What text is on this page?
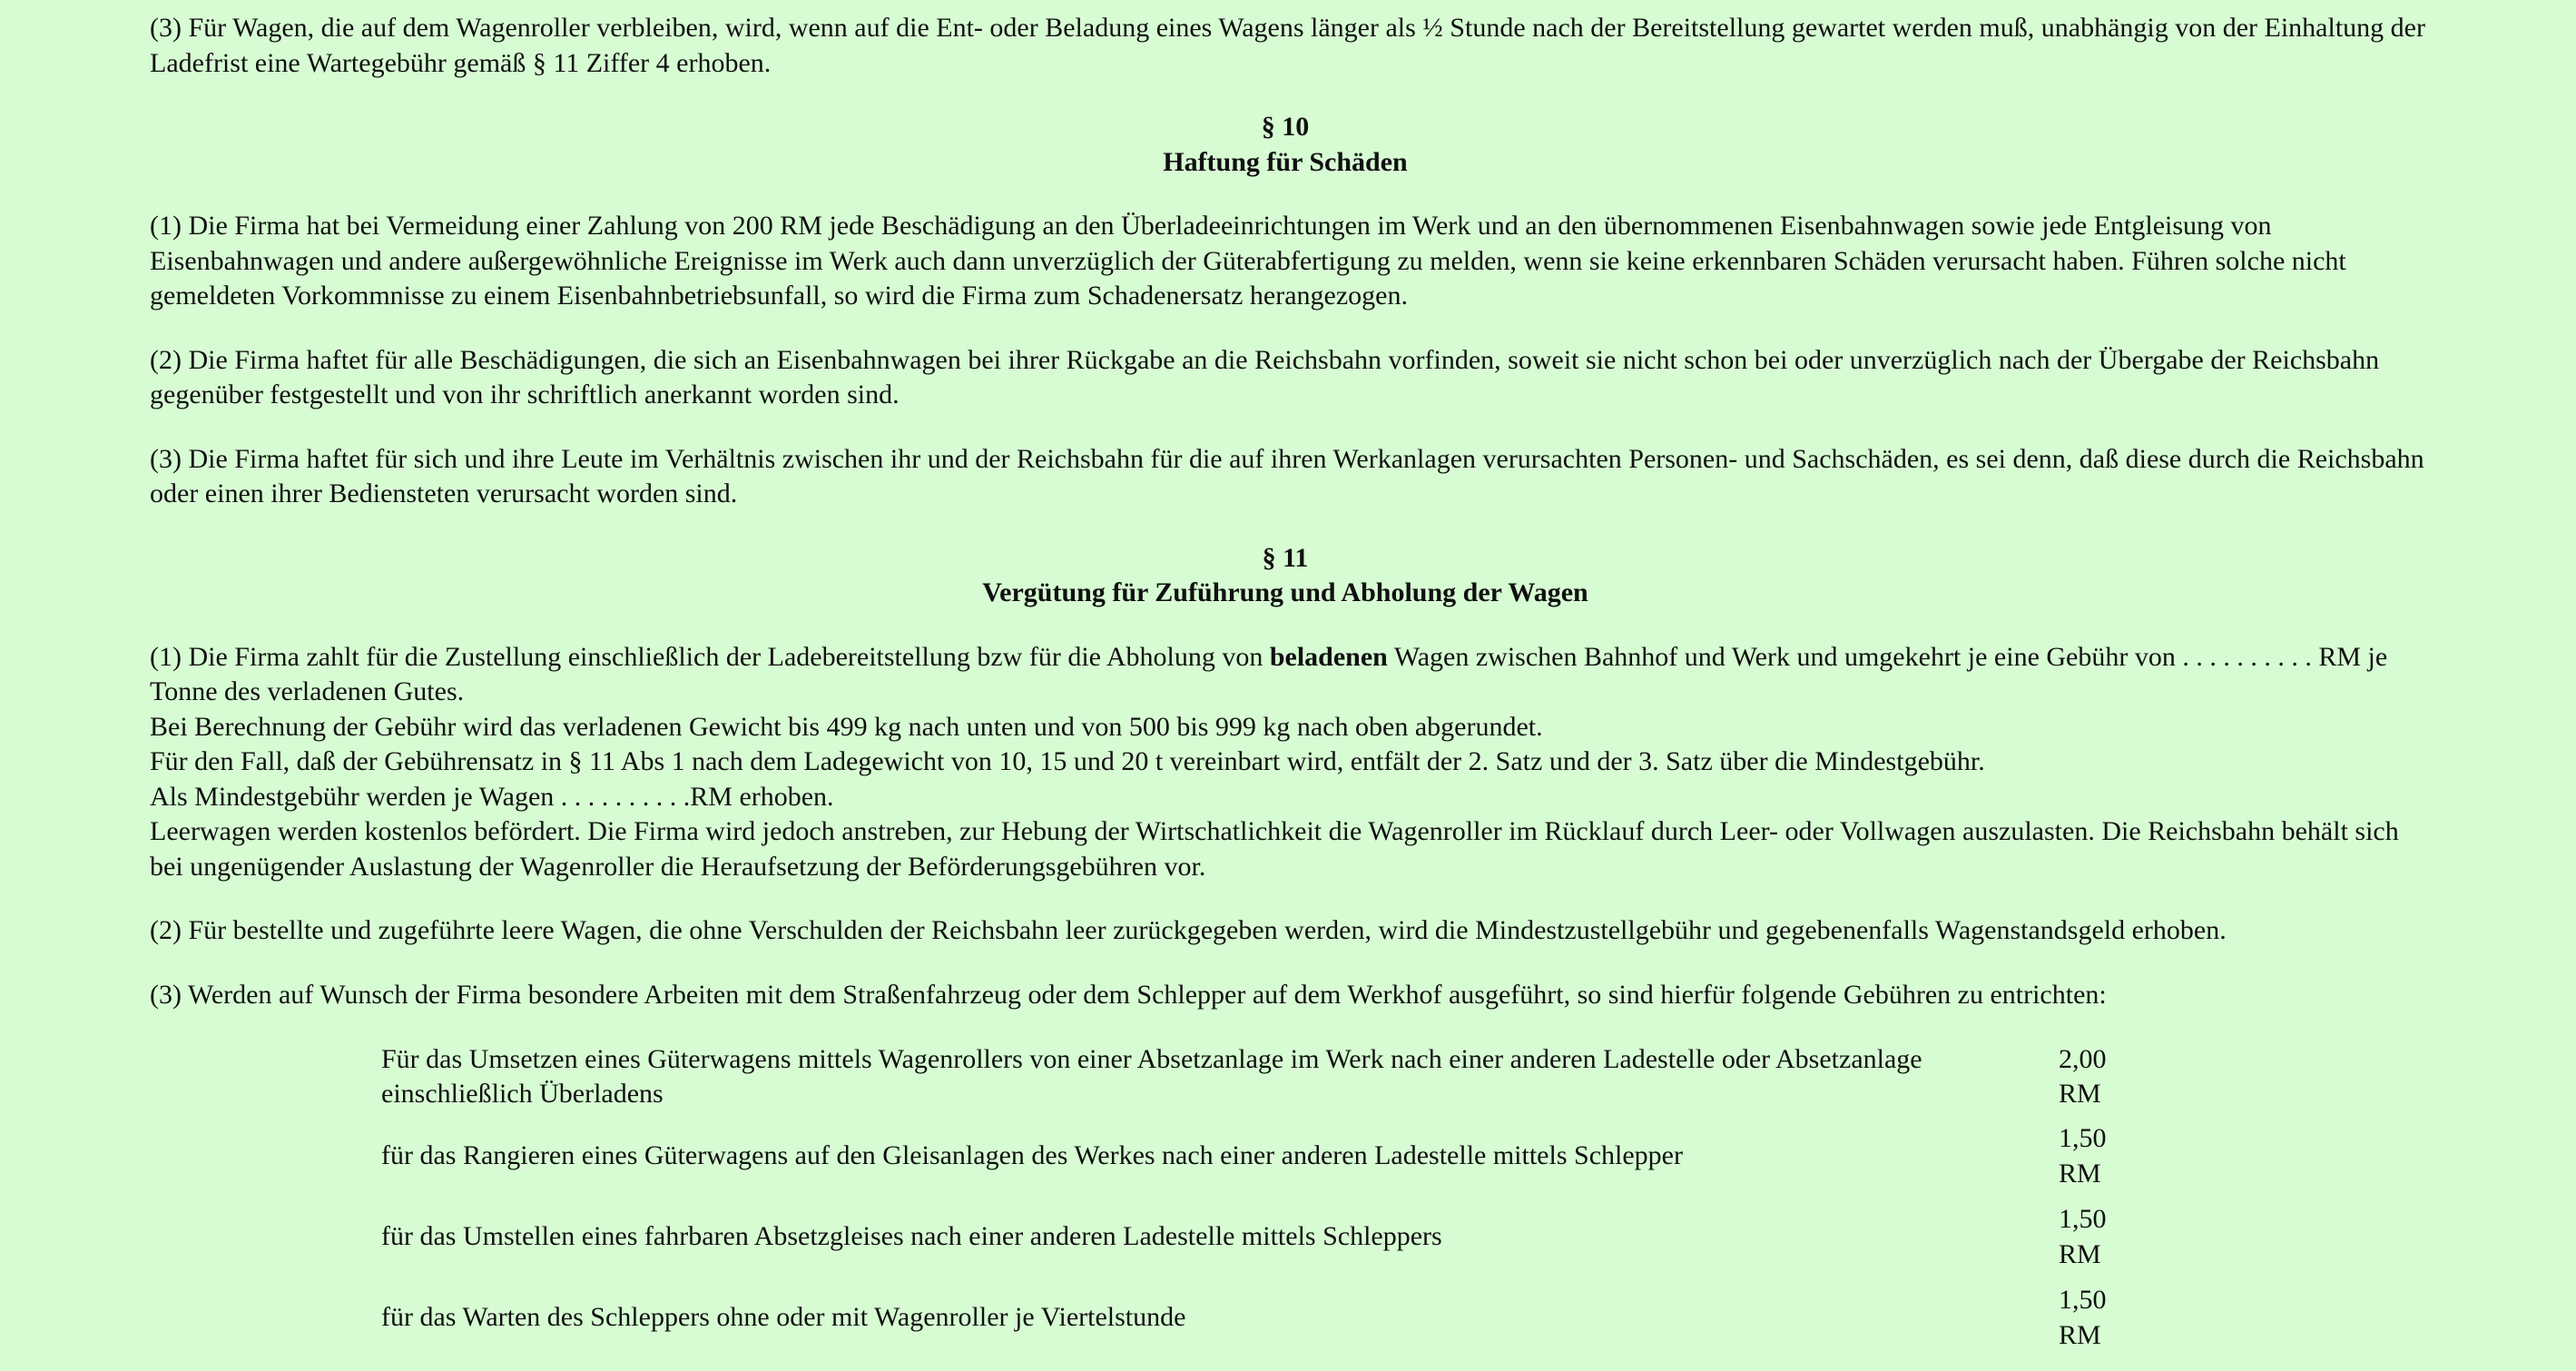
(3) Für Wagen, die auf dem Wagenroller verbleiben, wird, wenn auf die Ent- oder Beladung eines Wagens länger als ½ Stunde nach der Bereitstellung gewartet werden muß, unabhängig von der Einhaltung der Ladefrist eine Wartegebühr gemäß § 11 Ziffer 4 erhoben.

§ 10
Haftung für Schäden

(1) Die Firma hat bei Vermeidung einer Zahlung von 200 RM jede Beschädigung an den Überladeeinrichtungen im Werk und an den übernommenen Eisenbahnwagen sowie jede Entgleisung von Eisenbahnwagen und andere außergewöhnliche Ereignisse im Werk auch dann unverzüglich der Güterabfertigung zu melden, wenn sie keine erkennbaren Schäden verursacht haben. Führen solche nicht gemeldeten Vorkommnisse zu einem Eisenbahnbetriebsunfall, so wird die Firma zum Schadenersatz herangezogen.

(2) Die Firma haftet für alle Beschädigungen, die sich an Eisenbahnwagen bei ihrer Rückgabe an die Reichsbahn vorfinden, soweit sie nicht schon bei oder unverzüglich nach der Übergabe der Reichsbahn gegenüber festgestellt und von ihr schriftlich anerkannt worden sind.

(3) Die Firma haftet für sich und ihre Leute im Verhältnis zwischen ihr und der Reichsbahn für die auf ihren Werkanlagen verursachten Personen- und Sachschäden, es sei denn, daß diese durch die Reichsbahn oder einen ihrer Bediensteten verursacht worden sind.

§ 11
Vergütung für Zuführung und Abholung der Wagen
(1) Die Firma zahlt für die Zustellung einschließlich der Ladebereitstellung bzw für die Abholung von beladenen Wagen zwischen Bahnhof und Werk und umgekehrt je eine Gebühr von . . . . . . . . . . RM je Tonne des verladenen Gutes.
Bei Berechnung der Gebühr wird das verladenen Gewicht bis 499 kg nach unten und von 500 bis 999 kg nach oben abgerundet.
Für den Fall, daß der Gebührensatz in § 11 Abs 1 nach dem Ladegewicht von 10, 15 und 20 t vereinbart wird, entfält der 2. Satz und der 3. Satz über die Mindestgebühr.
Als Mindestgebühr werden je Wagen . . . . . . . . . .RM erhoben.
Leerwagen werden kostenlos befördert. Die Firma wird jedoch anstreben, zur Hebung der Wirtschatlichkeit die Wagenroller im Rücklauf durch Leer- oder Vollwagen auszulasten. Die Reichsbahn behält sich bei ungenügender Auslastung der Wagenroller die Heraufsetzung der Beförderungsgebühren vor.

(2) Für bestellte und zugeführte leere Wagen, die ohne Verschulden der Reichsbahn leer zurückgegeben werden, wird die Mindestzustellgebühr und gegebenenfalls Wagenstandsgeld erhoben.

(3) Werden auf Wunsch der Firma besondere Arbeiten mit dem Straßenfahrzeug oder dem Schlepper auf dem Werkhof ausgeführt, so sind hierfür folgende Gebühren zu entrichten:

Für das Umsetzen eines Güterwagens mittels Wagenrollers von einer Absetzanlage im Werk nach einer anderen Ladestelle oder Absetzanlage einschließlich Überladens	2,00
RM

für das Rangieren eines Güterwagens auf den Gleisanlagen des Werkes nach einer anderen Ladestelle mittels Schlepper	1,50
RM

für das Umstellen eines fahrbaren Absetzgleises nach einer anderen Ladestelle mittels Schleppers	1,50
RM

für das Warten des Schleppers ohne oder mit Wagenroller je Viertelstunde	1,50
RM
